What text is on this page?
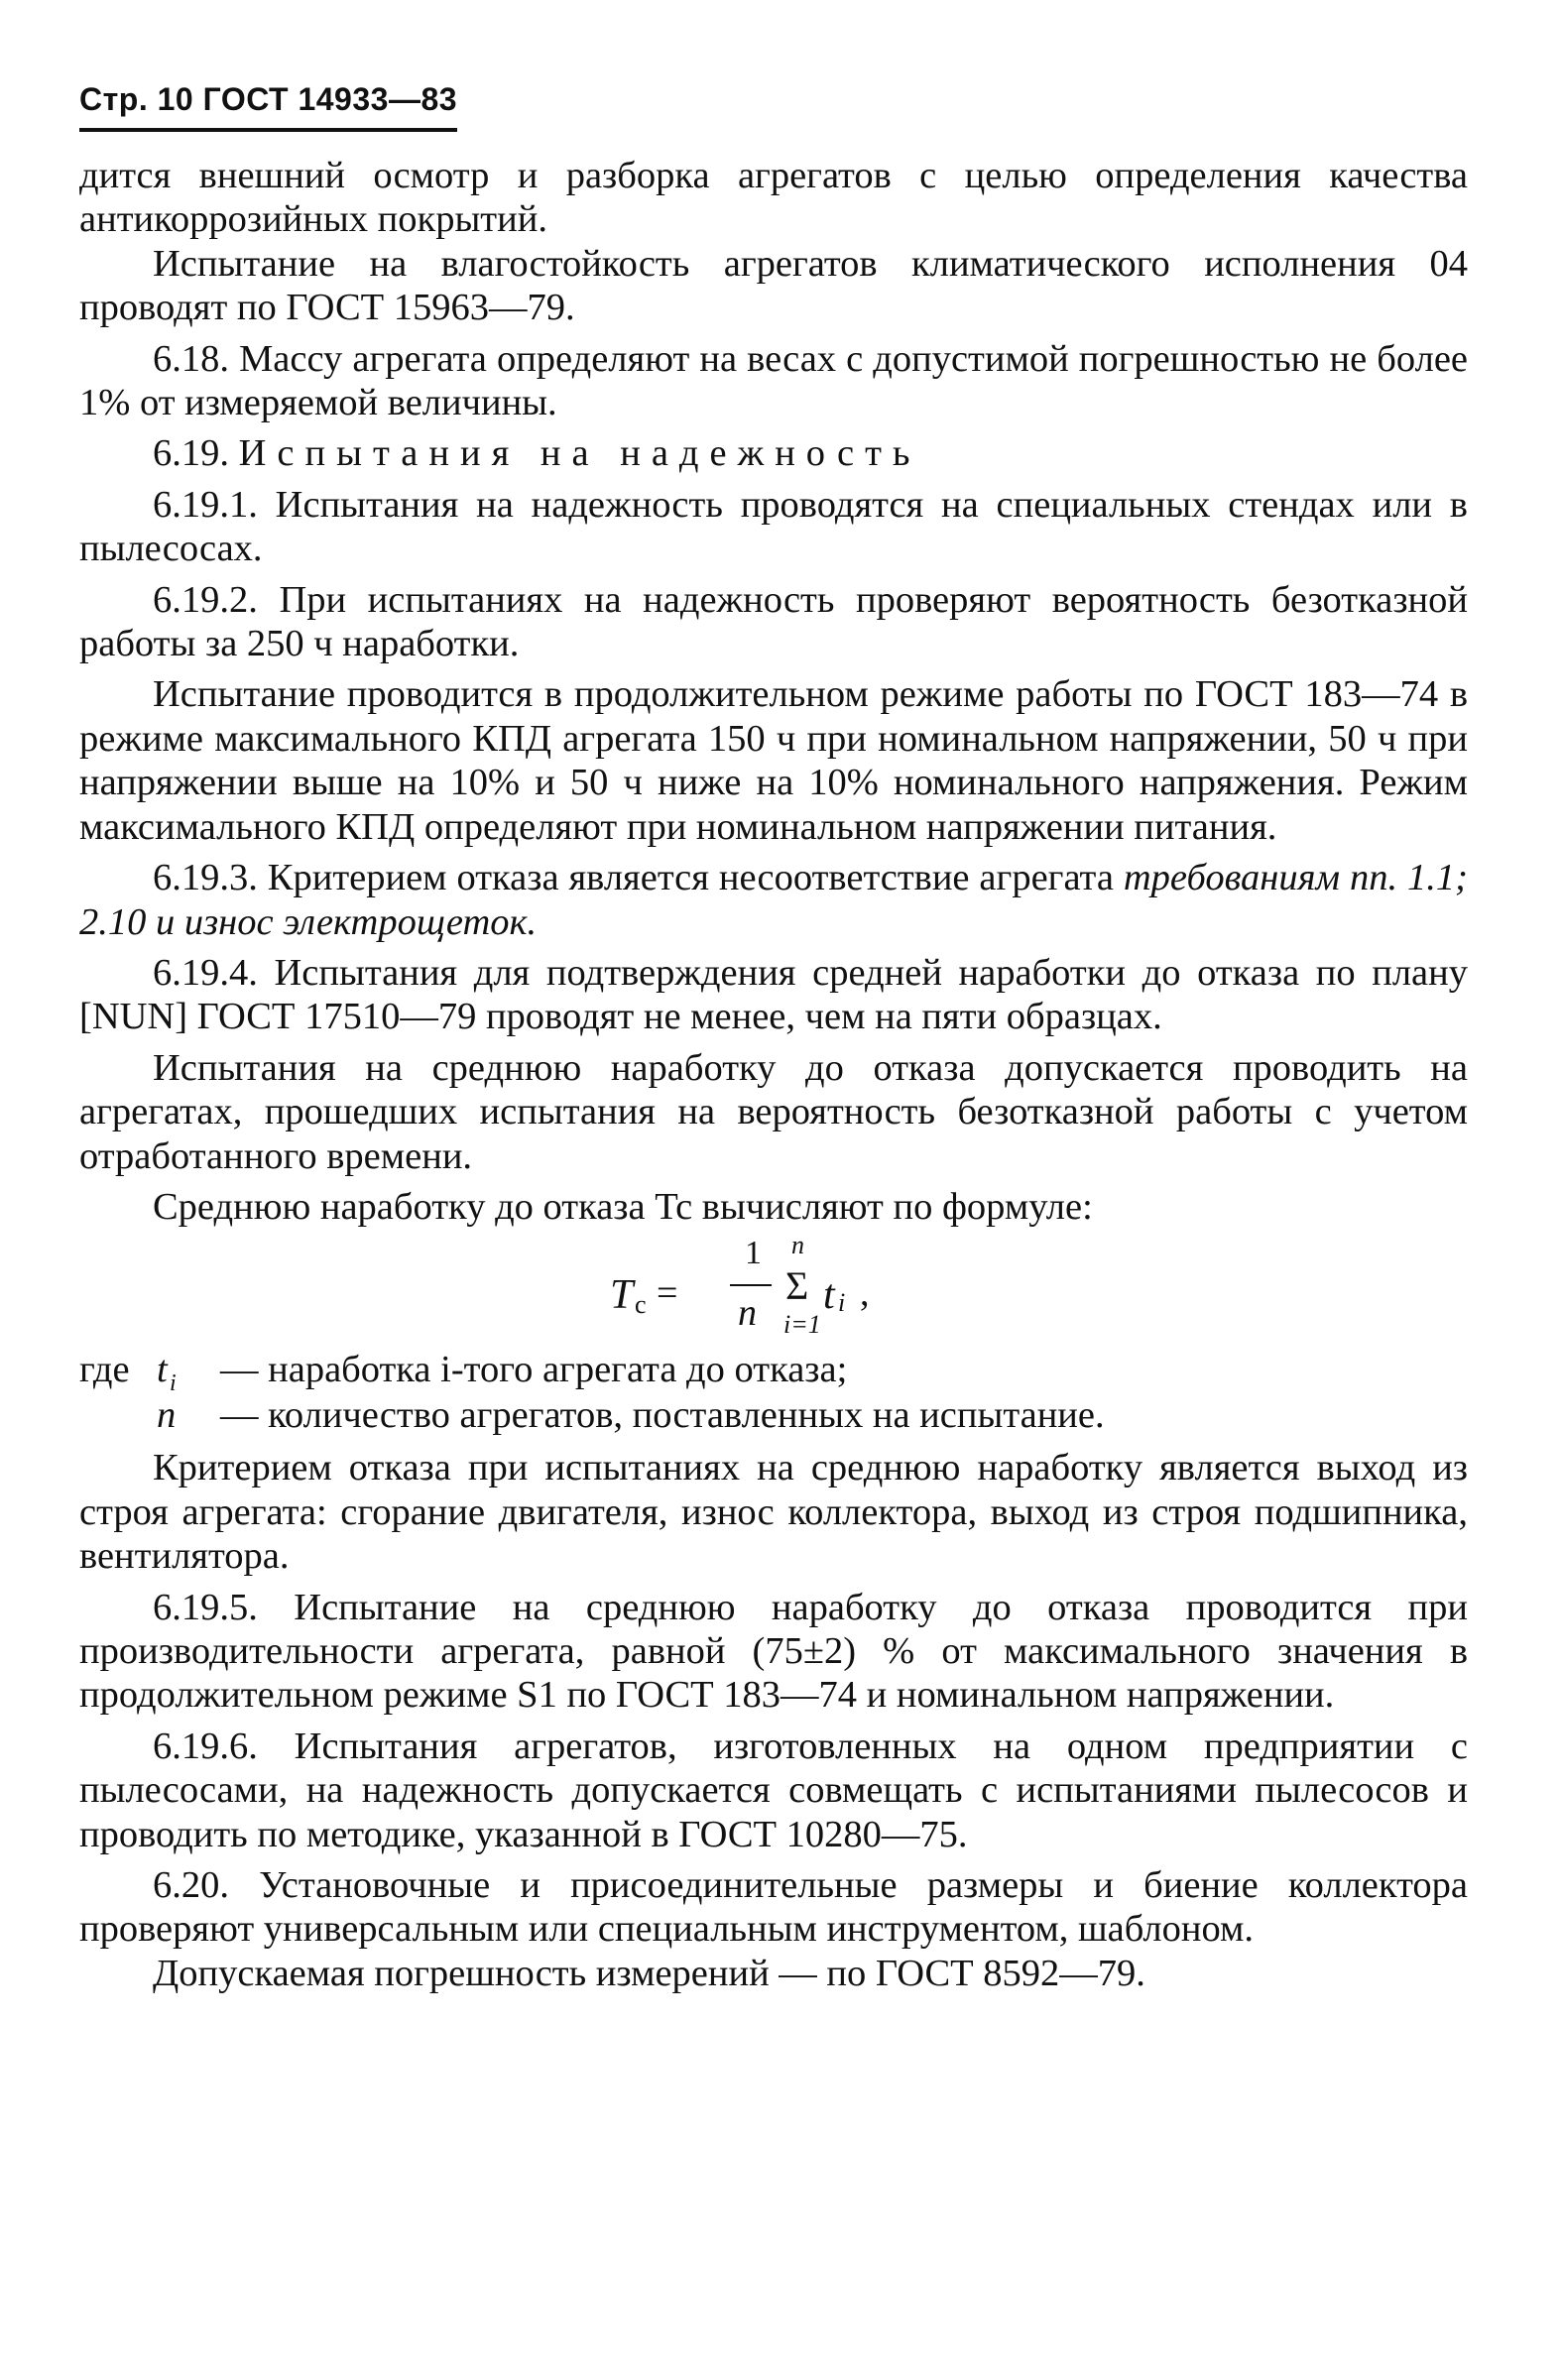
Стр. 10 ГОСТ 14933—83

дится внешний осмотр и разборка агрегатов с целью определения качества антикоррозийных покрытий.

Испытание на влагостойкость агрегатов климатического исполнения 04 проводят по ГОСТ 15963—79.

6.18. Массу агрегата определяют на весах с допустимой погрешностью не более 1% от измеряемой величины.

6.19. Испытания на надежность

6.19.1. Испытания на надежность проводятся на специальных стендах или в пылесосах.

6.19.2. При испытаниях на надежность проверяют вероятность безотказной работы за 250 ч наработки.

Испытание проводится в продолжительном режиме работы по ГОСТ 183—74 в режиме максимального КПД агрегата 150 ч при номинальном напряжении, 50 ч при напряжении выше на 10% и 50 ч ниже на 10% номинального напряжения. Режим максимального КПД определяют при номинальном напряжении питания.

6.19.3. Критерием отказа является несоответствие агрегата требованиям пп. 1.1; 2.10 и износ электрощеток.

6.19.4. Испытания для подтверждения средней наработки до отказа по плану [NUN] ГОСТ 17510—79 проводят не менее, чем на пяти образцах.

Испытания на среднюю наработку до отказа допускается проводить на агрегатах, прошедших испытания на вероятность безотказной работы с учетом отработанного времени.

Среднюю наработку до отказа Tc вычисляют по формуле:

T c =
1
n
n
Σ
i=1
t i ,
где t i — наработка i-того агрегата до отказа;
n — количество агрегатов, поставленных на испытание.

Критерием отказа при испытаниях на среднюю наработку является выход из строя агрегата: сгорание двигателя, износ коллектора, выход из строя подшипника, вентилятора.

6.19.5. Испытание на среднюю наработку до отказа проводится при производительности агрегата, равной (75±2) % от максимального значения в продолжительном режиме S1 по ГОСТ 183—74 и номинальном напряжении.

6.19.6. Испытания агрегатов, изготовленных на одном предприятии с пылесосами, на надежность допускается совмещать с испытаниями пылесосов и проводить по методике, указанной в ГОСТ 10280—75.

6.20. Установочные и присоединительные размеры и биение коллектора проверяют универсальным или специальным инструментом, шаблоном.

Допускаемая погрешность измерений — по ГОСТ 8592—79.
